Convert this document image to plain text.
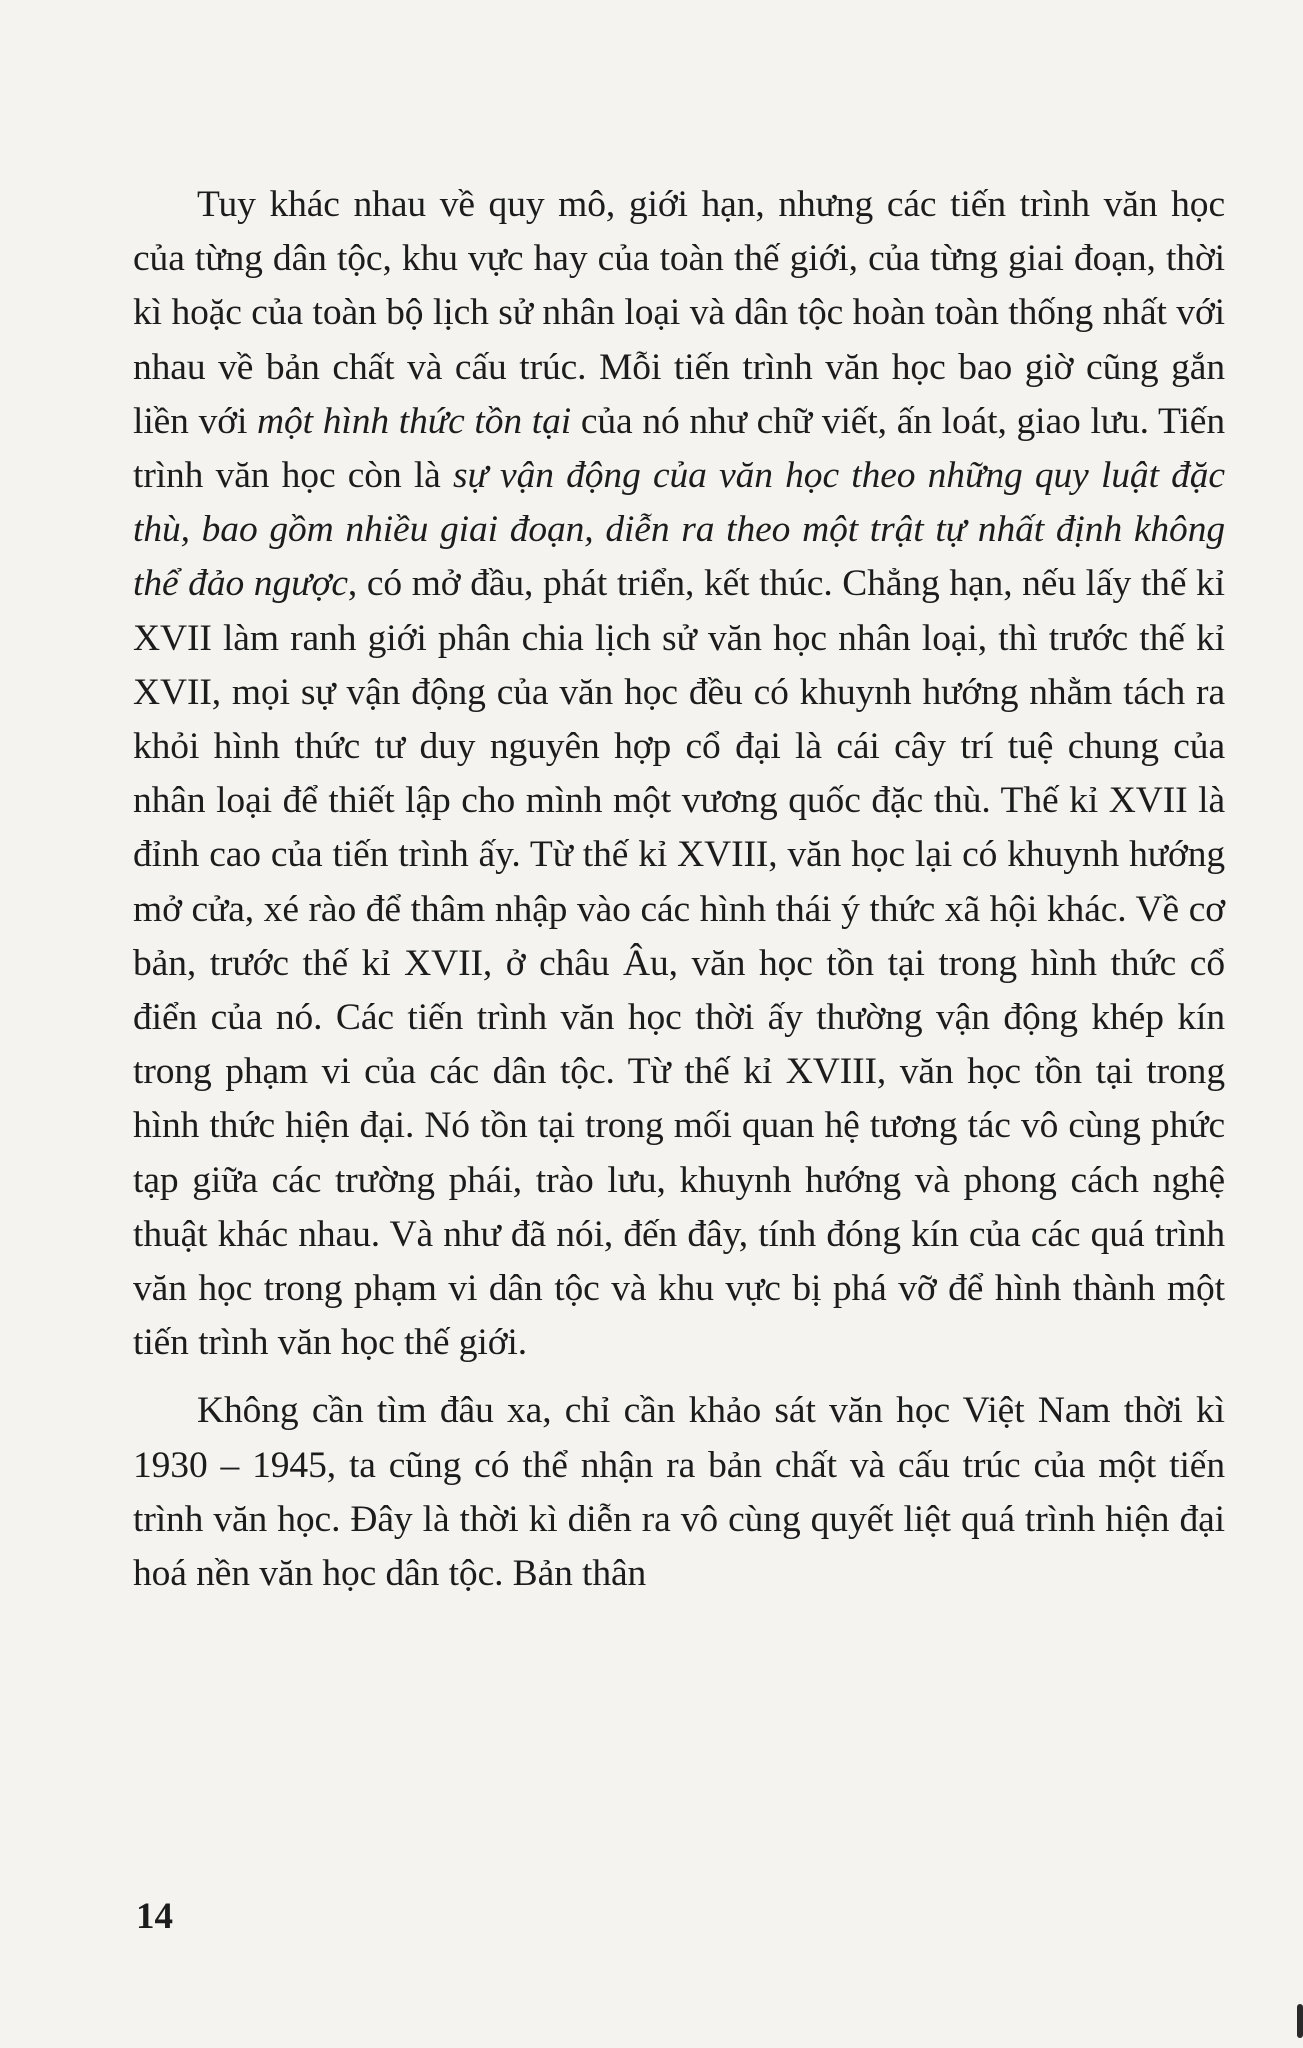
Tuy khác nhau về quy mô, giới hạn, nhưng các tiến trình văn học của từng dân tộc, khu vực hay của toàn thế giới, của từng giai đoạn, thời kì hoặc của toàn bộ lịch sử nhân loại và dân tộc hoàn toàn thống nhất với nhau về bản chất và cấu trúc. Mỗi tiến trình văn học bao giờ cũng gắn liền với một hình thức tồn tại của nó như chữ viết, ấn loát, giao lưu. Tiến trình văn học còn là sự vận động của văn học theo những quy luật đặc thù, bao gồm nhiều giai đoạn, diễn ra theo một trật tự nhất định không thể đảo ngược, có mở đầu, phát triển, kết thúc. Chẳng hạn, nếu lấy thế kỉ XVII làm ranh giới phân chia lịch sử văn học nhân loại, thì trước thế kỉ XVII, mọi sự vận động của văn học đều có khuynh hướng nhằm tách ra khỏi hình thức tư duy nguyên hợp cổ đại là cái cây trí tuệ chung của nhân loại để thiết lập cho mình một vương quốc đặc thù. Thế kỉ XVII là đỉnh cao của tiến trình ấy. Từ thế kỉ XVIII, văn học lại có khuynh hướng mở cửa, xé rào để thâm nhập vào các hình thái ý thức xã hội khác. Về cơ bản, trước thế kỉ XVII, ở châu Âu, văn học tồn tại trong hình thức cổ điển của nó. Các tiến trình văn học thời ấy thường vận động khép kín trong phạm vi của các dân tộc. Từ thế kỉ XVIII, văn học tồn tại trong hình thức hiện đại. Nó tồn tại trong mối quan hệ tương tác vô cùng phức tạp giữa các trường phái, trào lưu, khuynh hướng và phong cách nghệ thuật khác nhau. Và như đã nói, đến đây, tính đóng kín của các quá trình văn học trong phạm vi dân tộc và khu vực bị phá vỡ để hình thành một tiến trình văn học thế giới.

Không cần tìm đâu xa, chỉ cần khảo sát văn học Việt Nam thời kì 1930 – 1945, ta cũng có thể nhận ra bản chất và cấu trúc của một tiến trình văn học. Đây là thời kì diễn ra vô cùng quyết liệt quá trình hiện đại hoá nền văn học dân tộc. Bản thân

14
